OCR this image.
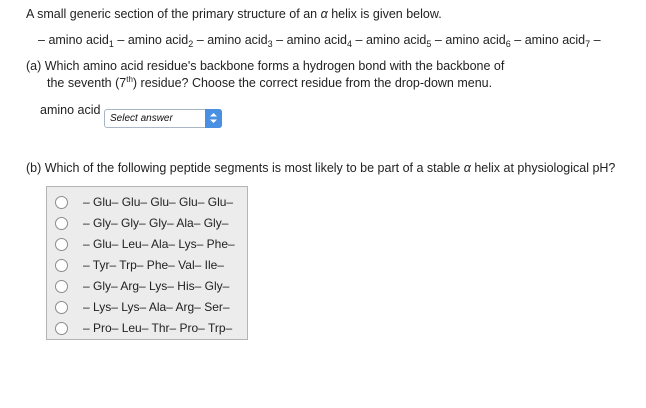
A small generic section of the primary structure of an α helix is given below.
– amino acid$_1$ – amino acid$_2$ – amino acid$_3$ – amino acid$_4$ – amino acid$_5$ – amino acid$_6$ – amino acid$_7$ –
(a) Which amino acid residue's backbone forms a hydrogen bond with the backbone of
the seventh (7th) residue? Choose the correct residue from the drop-down menu.
amino acid
Select answer
(b) Which of the following peptide segments is most likely to be part of a stable α helix at physiological pH?
– Glu– Glu– Glu– Glu– Glu–
– Gly– Gly– Gly– Ala– Gly–
– Glu– Leu– Ala– Lys– Phe–
– Tyr– Trp– Phe– Val– Ile–
– Gly– Arg– Lys– His– Gly–
– Lys– Lys– Ala– Arg– Ser–
– Pro– Leu– Thr– Pro– Trp–
